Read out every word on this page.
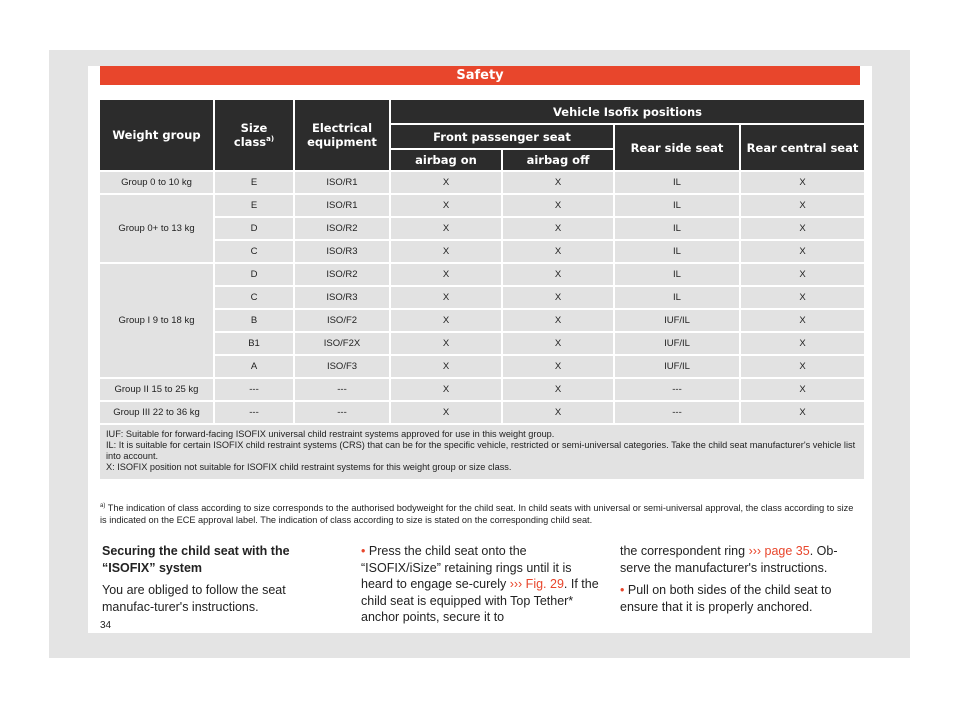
Safety
Weight group	Size class$^{a)}$	Electrical equipment	Vehicle Isofix positions			
			Front passenger seat		Rear side seat	Rear central seat
			airbag on	airbag off		
Group 0 to 10 kg	E	ISO/R1	X	X	IL	X
Group 0+ to 13 kg	E	ISO/R1	X	X	IL	X
	D	ISO/R2	X	X	IL	X
	C	ISO/R3	X	X	IL	X
Group I 9 to 18 kg	D	ISO/R2	X	X	IL	X
	C	ISO/R3	X	X	IL	X
	B	ISO/F2	X	X	IUF/IL	X
	B1	ISO/F2X	X	X	IUF/IL	X
	A	ISO/F3	X	X	IUF/IL	X
Group II 15 to 25 kg	---	---	X	X	---	X
Group III 22 to 36 kg	---	---	X	X	---	X

IUF: Suitable for forward-facing ISOFIX universal child restraint systems approved for use in this weight group.
IL: It is suitable for certain ISOFIX child restraint systems (CRS) that can be for the specific vehicle, restricted or semi-universal categories. Take the child seat manufacturer's vehicle list into account.
X: ISOFIX position not suitable for ISOFIX child restraint systems for this weight group or size class.						
$^{a)}$ The indication of class according to size corresponds to the authorised bodyweight for the child seat. In child seats with universal or semi-universal approval, the class according to size is indicated on the ECE approval label. The indication of class according to size is stated on the corresponding child seat.

Securing the child seat with the “ISOFIX” system

You are obliged to follow the seat manufac-turer's instructions.

• Press the child seat onto the “ISOFIX/iSize” retaining rings until it is heard to engage se-curely ››› Fig. 29. If the child seat is equipped with Top Tether* anchor points, secure it to

the correspondent ring ››› page 35. Ob-serve the manufacturer's instructions.

• Pull on both sides of the child seat to ensure that it is properly anchored.

34
